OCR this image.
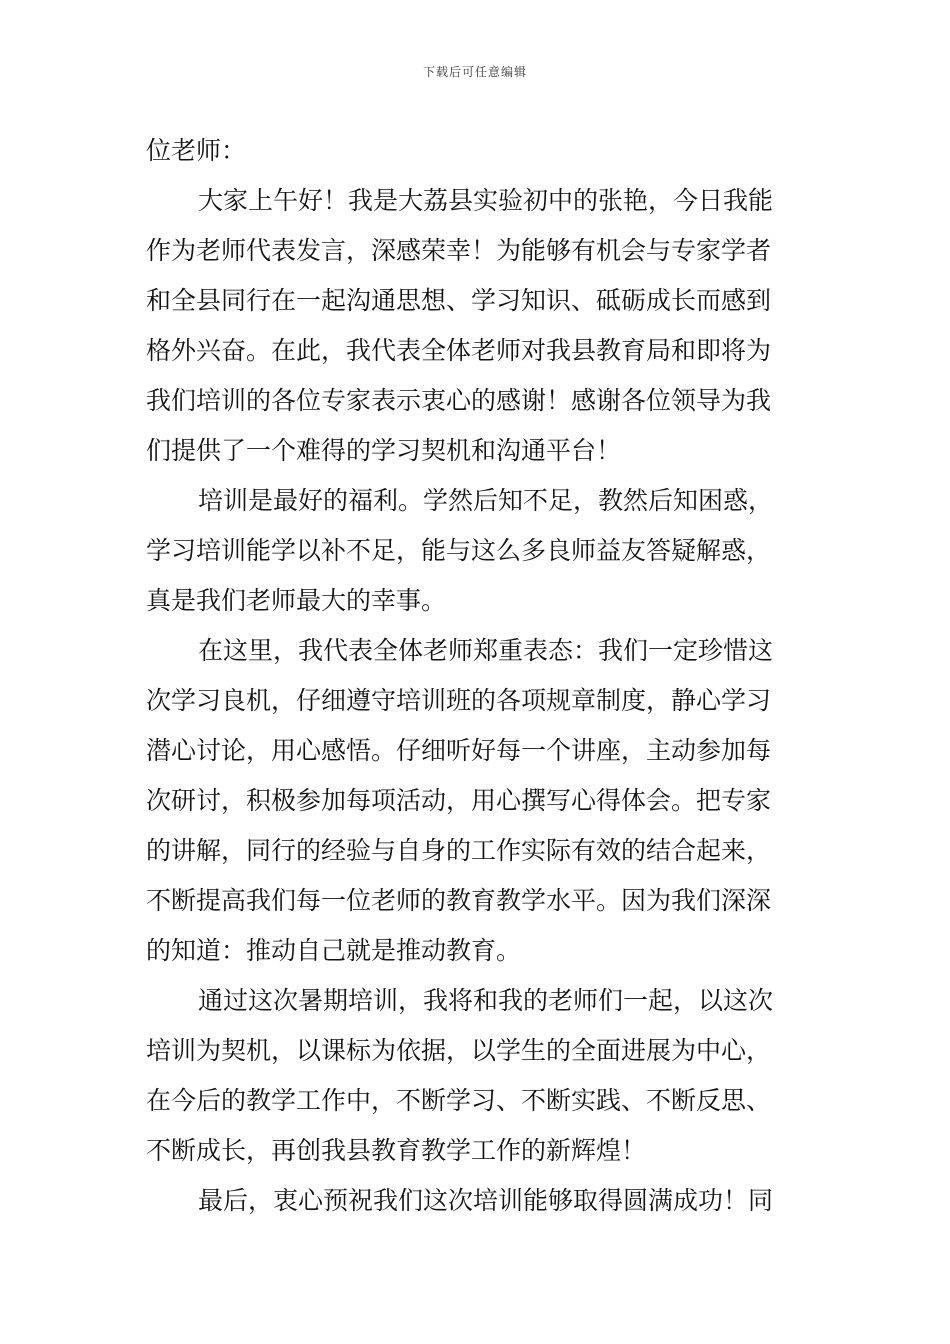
下载后可任意编辑
位老师：
大家上午好！我是大荔县实验初中的张艳，今日我能
作为老师代表发言，深感荣幸！为能够有机会与专家学者
和全县同行在一起沟通思想、学习知识、砥砺成长而感到
格外兴奋。在此，我代表全体老师对我县教育局和即将为
我们培训的各位专家表示衷心的感谢！感谢各位领导为我
们提供了一个难得的学习契机和沟通平台！
培训是最好的福利。学然后知不足，教然后知困惑，
学习培训能学以补不足，能与这么多良师益友答疑解惑，
真是我们老师最大的幸事。
在这里，我代表全体老师郑重表态：我们一定珍惜这
次学习良机，仔细遵守培训班的各项规章制度，静心学习
潜心讨论，用心感悟。仔细听好每一个讲座，主动参加每
次研讨，积极参加每项活动，用心撰写心得体会。把专家
的讲解，同行的经验与自身的工作实际有效的结合起来，
不断提高我们每一位老师的教育教学水平。因为我们深深
的知道：推动自己就是推动教育。
通过这次暑期培训，我将和我的老师们一起，以这次
培训为契机，以课标为依据，以学生的全面进展为中心，
在今后的教学工作中，不断学习、不断实践、不断反思、
不断成长，再创我县教育教学工作的新辉煌！
最后，衷心预祝我们这次培训能够取得圆满成功！同
